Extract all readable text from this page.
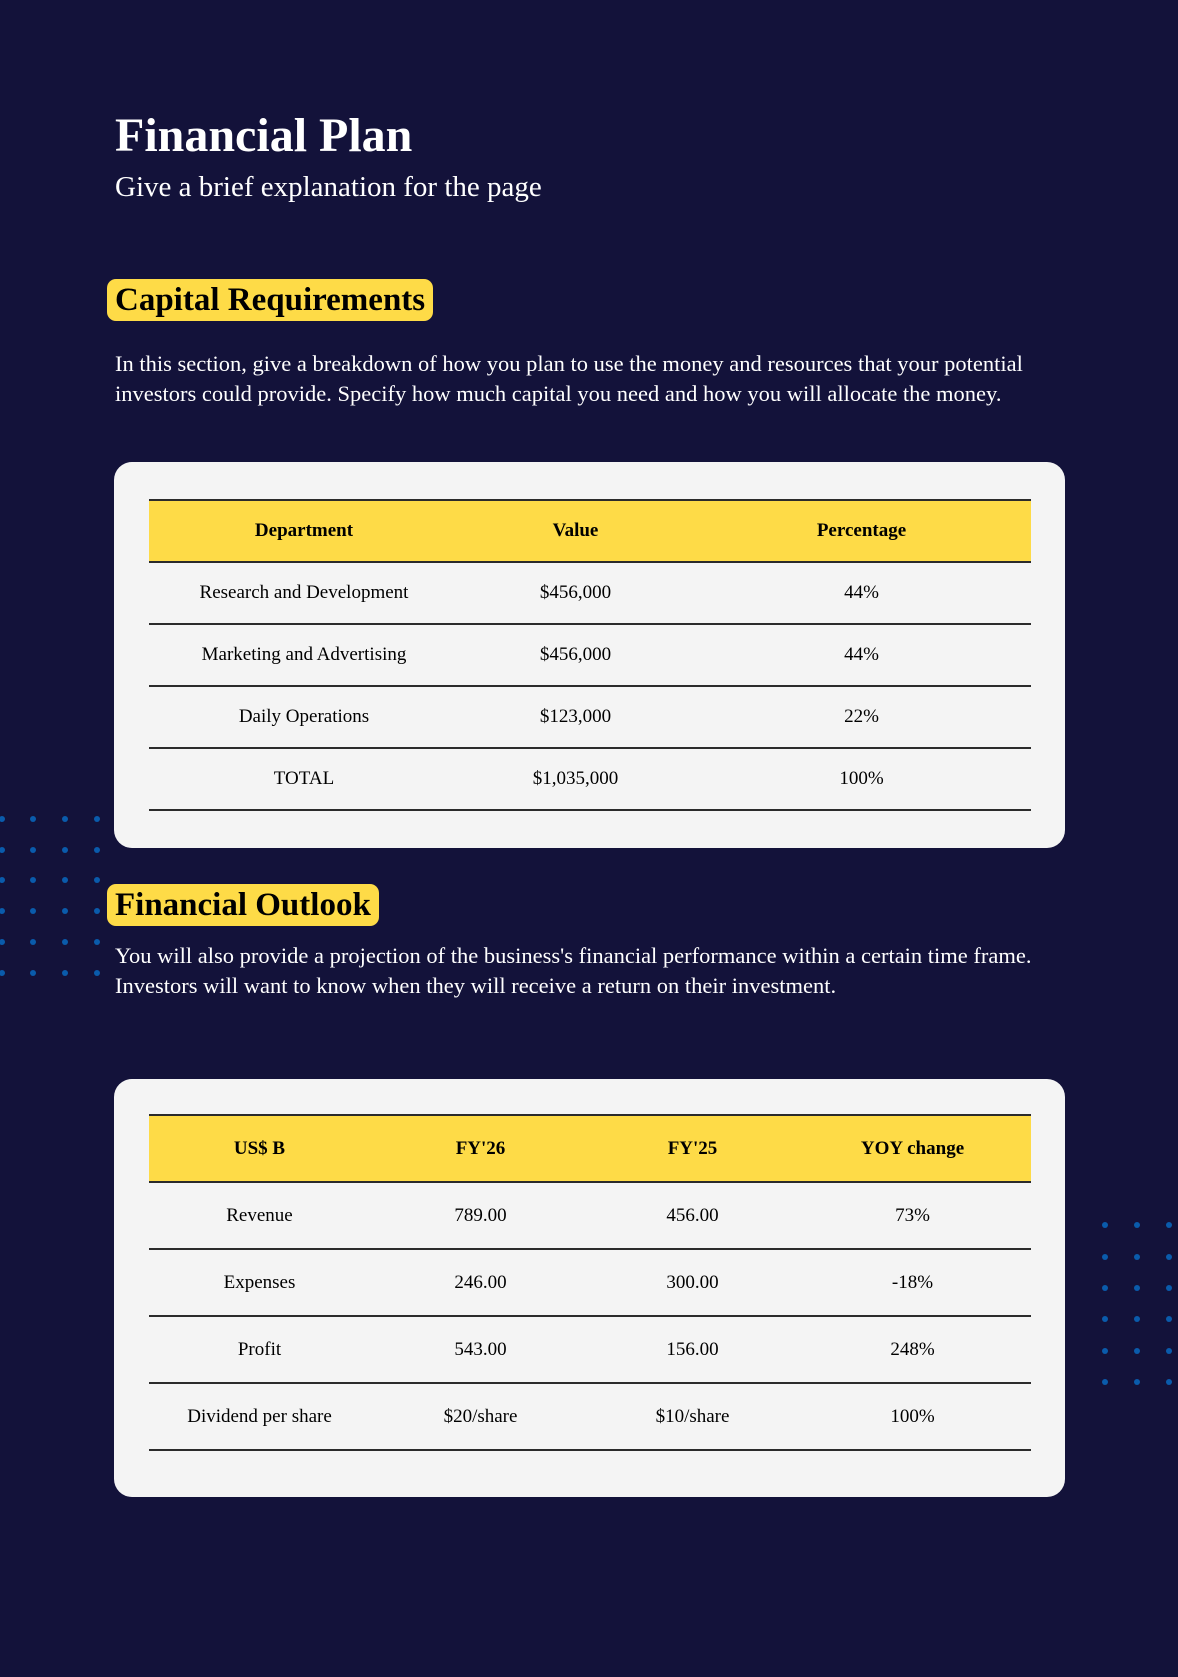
Financial Plan

Give a brief explanation for the page

Capital Requirements

In this section, give a breakdown of how you plan to use the money and resources that your potential investors could provide. Specify how much capital you need and how you will allocate the money.

Department	Value	Percentage
Research and Development	$456,000	44%
Marketing and Advertising	$456,000	44%
Daily Operations	$123,000	22%
TOTAL	$1,035,000	100%
Financial Outlook

You will also provide a projection of the business's financial performance within a certain time frame. Investors will want to know when they will receive a return on their investment.

US$ B	FY'26	FY'25	YOY change
Revenue	789.00	456.00	73%
Expenses	246.00	300.00	-18%
Profit	543.00	156.00	248%
Dividend per share	$20/share	$10/share	100%
